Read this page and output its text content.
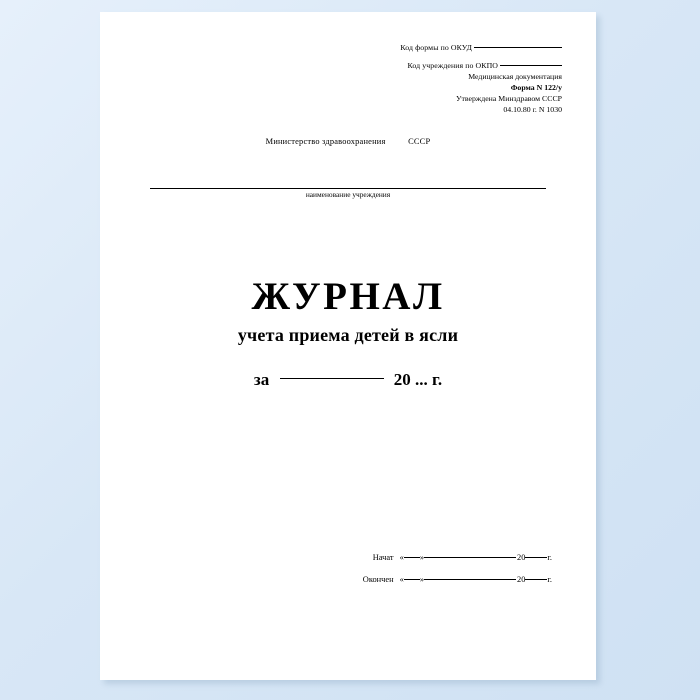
Код формы по ОКУД
Код учреждения по ОКПО
Медицинская документация
Форма N 122/у
Утверждена Минздравом СССР
04.10.80 г. N 1030
Министерство здравоохранения	СССР
наименование учреждения
ЖУРНАЛ
учета приема детей в ясли
за	20 ... г.
Начат « »	20	г.
Окончен « »	20	г.
